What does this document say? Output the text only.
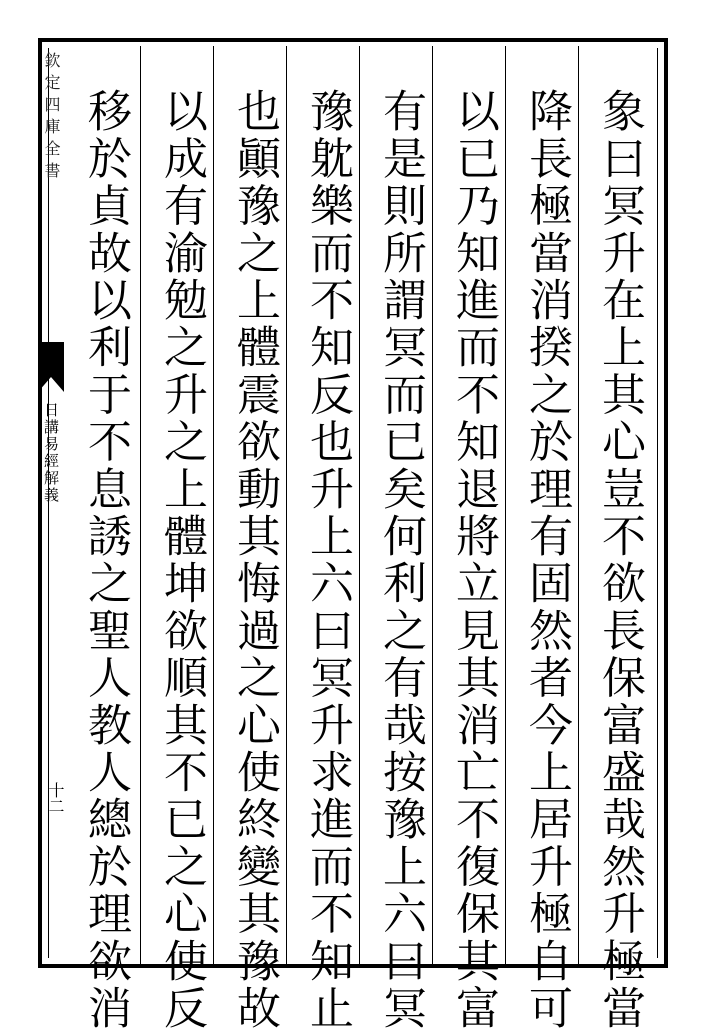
欽定四庫全書
日講易經解義
十二	象曰冥升在上其心豈不欲長保富盛哉然升極當
降長極當消揆之於理有固然者今上居升極自可
以已乃知進而不知退將立見其消亡不復保其富
有是則所謂冥而已矣何利之有哉按豫上六曰冥
豫躭樂而不知反也升上六曰冥升求進而不知止
也顚豫之上體震欲動其悔過之心使終變其豫故
以成有渝勉之升之上體坤欲順其不已之心使反
移於貞故以利于不息誘之聖人教人總於理欲消
